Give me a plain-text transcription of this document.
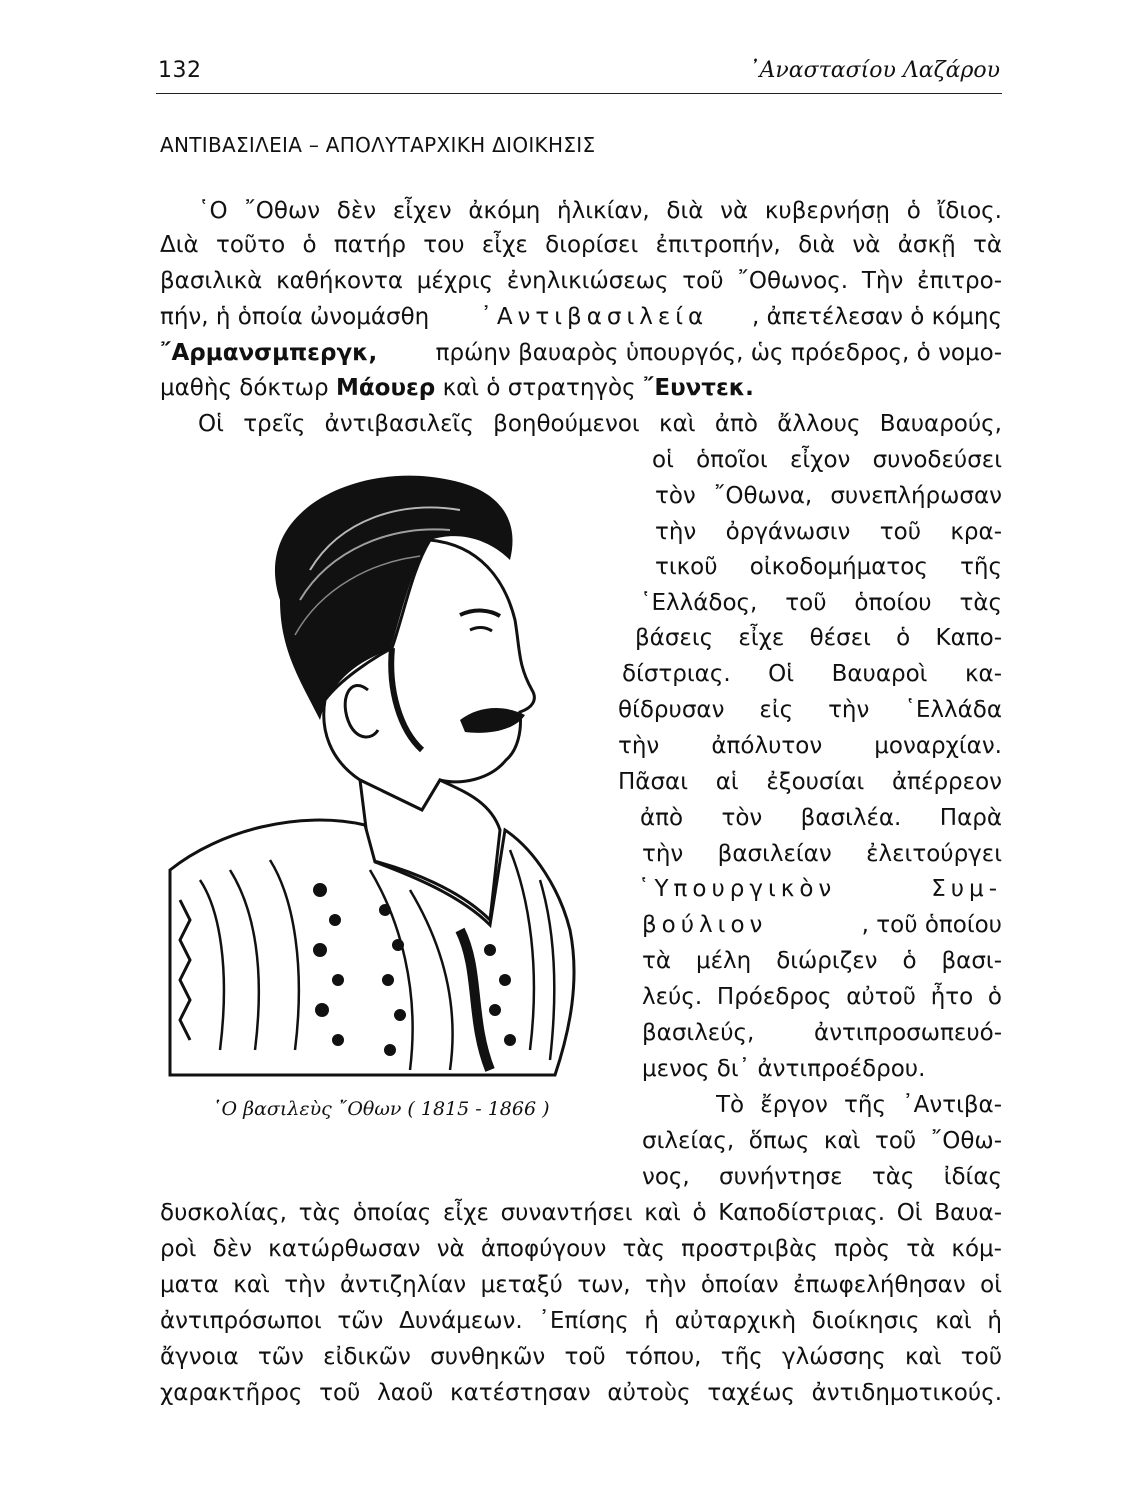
132	᾿Αναστασίου Λαζάρου
ΑΝΤΙΒΑΣΙΛΕΙΑ – ΑΠΟΛΥΤΑΡΧΙΚΗ ΔΙΟΙΚΗΣΙΣ
῾Ο ῎Οθων δὲν εἶχεν ἀκόμη ἡλικίαν, διὰ νὰ κυβερνήσῃ ὁ ἴδιος.
Διὰ τοῦτο ὁ πατήρ του εἶχε διορίσει ἐπιτροπήν, διὰ νὰ ἀσκῇ τὰ
βασιλικὰ καθήκοντα μέχρις ἐνηλικιώσεως τοῦ ῎Οθωνος. Τὴν ἐπιτρο-
πήν, ἡ ὁποία ὠνομάσθη ᾿Αντιβασιλεία , ἀπετέλεσαν ὁ κόμης
῎Αρμανσμπεργκ, πρώην βαυαρὸς ὑπουργός, ὡς πρόεδρος, ὁ νομο-
μαθὴς δόκτωρ Μάουερ καὶ ὁ στρατηγὸς ῎Ευντεκ.
Οἱ τρεῖς ἀντιβασιλεῖς βοηθούμενοι καὶ ἀπὸ ἄλλους Βαυαρούς,
οἱ ὁποῖοι εἶχον συνοδεύσει
τὸν ῎Οθωνα, συνεπλήρωσαν
τὴν ὀργάνωσιν τοῦ κρα-
τικοῦ οἰκοδομήματος τῆς
῾Ελλάδος, τοῦ ὁποίου τὰς
βάσεις εἶχε θέσει ὁ Καπο-
δίστριας. Οἱ Βαυαροὶ κα-
θίδρυσαν εἰς τὴν ῾Ελλάδα
τὴν ἀπόλυτον μοναρχίαν.
Πᾶσαι αἱ ἐξουσίαι ἀπέρρεον
ἀπὸ τὸν βασιλέα. Παρὰ
τὴν βασιλείαν ἐλειτούργει
῾Υπουργικὸν	Συμ-
βούλιον	, τοῦ ὁποίου
τὰ μέλη διώριζεν ὁ βασι-
λεύς. Πρόεδρος αὐτοῦ ἦτο ὁ
βασιλεύς, ἀντιπροσωπευό-
μενος δι᾿ ἀντιπροέδρου.
Τὸ ἔργον τῆς ᾿Αντιβα-
σιλείας, ὅπως καὶ τοῦ ῎Οθω-
νος, συνήντησε τὰς ἰδίας
δυσκολίας, τὰς ὁποίας εἶχε συναντήσει καὶ ὁ Καποδίστριας. Οἱ Βαυα-
ροὶ δὲν κατώρθωσαν νὰ ἀποφύγουν τὰς προστριβὰς πρὸς τὰ κόμ-
ματα καὶ τὴν ἀντιζηλίαν μεταξύ των, τὴν ὁποίαν ἐπωφελήθησαν οἱ
ἀντιπρόσωποι τῶν Δυνάμεων. ᾿Επίσης ἡ αὐταρχικὴ διοίκησις καὶ ἡ
ἄγνοια τῶν εἰδικῶν συνθηκῶν τοῦ τόπου, τῆς γλώσσης καὶ τοῦ
χαρακτῆρος τοῦ λαοῦ κατέστησαν αὐτοὺς ταχέως ἀντιδημοτικούς.
῾Ο βασιλεὺς ῎Οθων ( 1815 - 1866 )
